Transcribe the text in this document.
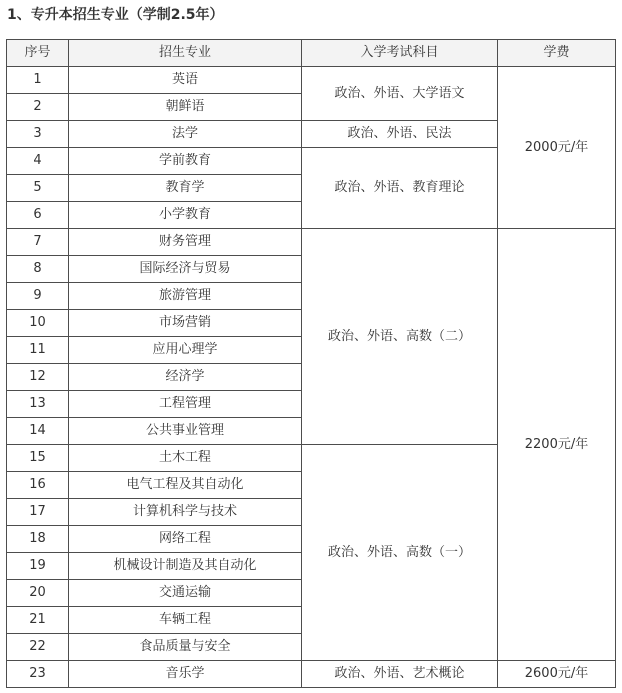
1、专升本招生专业（学制2.5年）
序号	招生专业	入学考试科目	学费
1	英语	政治、外语、大学语文	2000元/年
2	朝鲜语		
3	法学	政治、外语、民法	
4	学前教育	政治、外语、教育理论	
5	教育学		
6	小学教育		
7	财务管理	政治、外语、高数（二）	2200元/年
8	国际经济与贸易		
9	旅游管理		
10	市场营销		
11	应用心理学		
12	经济学		
13	工程管理		
14	公共事业管理		
15	土木工程	政治、外语、高数（一）	
16	电气工程及其自动化		
17	计算机科学与技术		
18	网络工程		
19	机械设计制造及其自动化		
20	交通运输		
21	车辆工程		
22	食品质量与安全		
23	音乐学	政治、外语、艺术概论	2600元/年
